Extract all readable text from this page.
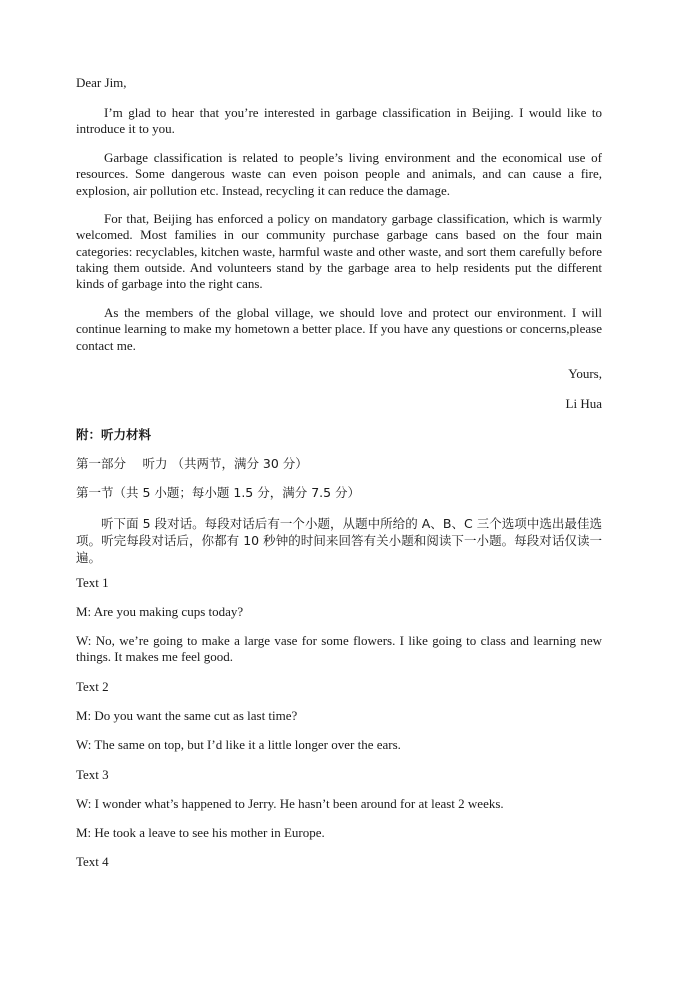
Dear Jim,
I’m glad to hear that you’re interested in garbage classification in Beijing. I would like to introduce it to you.
Garbage classification is related to people’s living environment and the economical use of resources. Some dangerous waste can even poison people and animals, and can cause a fire, explosion, air pollution etc. Instead, recycling it can reduce the damage.
For that, Beijing has enforced a policy on mandatory garbage classification, which is warmly welcomed. Most families in our community purchase garbage cans based on the four main categories: recyclables, kitchen waste, harmful waste and other waste, and sort them carefully before taking them outside. And volunteers stand by the garbage area to help residents put the different kinds of garbage into the right cans.
As the members of the global village, we should love and protect our environment. I will continue learning to make my hometown a better place. If you have any questions or concerns,please contact me.
Yours,
Li Hua
附：听力材料
第一部分　 听力 （共两节，满分 30 分）
第一节（共 5 小题；每小题 1.5 分，满分 7.5 分）
听下面 5 段对话。每段对话后有一个小题，从题中所给的 A、B、C 三个选项中选出最佳选项。听完每段对话后，你都有 10 秒钟的时间来回答有关小题和阅读下一小题。每段对话仅读一遍。
Text 1
M: Are you making cups today?
W: No, we’re going to make a large vase for some flowers. I like going to class and learning new things. It makes me feel good.
Text 2
M: Do you want the same cut as last time?
W: The same on top, but I’d like it a little longer over the ears.
Text 3
W: I wonder what’s happened to Jerry. He hasn’t been around for at least 2 weeks.
M: He took a leave to see his mother in Europe.
Text 4
